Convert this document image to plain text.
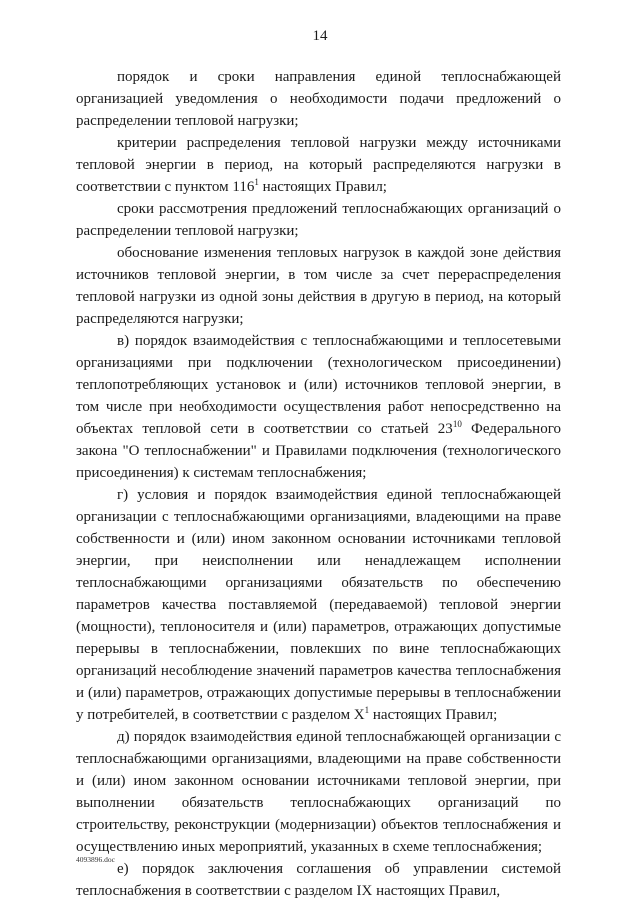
14

порядок и сроки направления единой теплоснабжающей организацией уведомления о необходимости подачи предложений о распределении тепловой нагрузки;

критерии распределения тепловой нагрузки между источниками тепловой энергии в период, на который распределяются нагрузки в соответствии с пунктом $116^1$ настоящих Правил;

сроки рассмотрения предложений теплоснабжающих организаций о распределении тепловой нагрузки;

обоснование изменения тепловых нагрузок в каждой зоне действия источников тепловой энергии, в том числе за счет перераспределения тепловой нагрузки из одной зоны действия в другую в период, на который распределяются нагрузки;

в) порядок взаимодействия с теплоснабжающими и теплосетевыми организациями при подключении (технологическом присоединении) теплопотребляющих установок и (или) источников тепловой энергии, в том числе при необходимости осуществления работ непосредственно на объектах тепловой сети в соответствии со статьей $23^{10}$ Федерального закона "О теплоснабжении" и Правилами подключения (технологического присоединения) к системам теплоснабжения;

г) условия и порядок взаимодействия единой теплоснабжающей организации с теплоснабжающими организациями, владеющими на праве собственности и (или) ином законном основании источниками тепловой энергии, при неисполнении или ненадлежащем исполнении теплоснабжающими организациями обязательств по обеспечению параметров качества поставляемой (передаваемой) тепловой энергии (мощности), теплоносителя и (или) параметров, отражающих допустимые перерывы в теплоснабжении, повлекших по вине теплоснабжающих организаций несоблюдение значений параметров качества теплоснабжения и (или) параметров, отражающих допустимые перерывы в теплоснабжении у потребителей, в соответствии с разделом $X^1$ настоящих Правил;

д) порядок взаимодействия единой теплоснабжающей организации с теплоснабжающими организациями, владеющими на праве собственности и (или) ином законном основании источниками тепловой энергии, при выполнении обязательств теплоснабжающих организаций по строительству, реконструкции (модернизации) объектов теплоснабжения и осуществлению иных мероприятий, указанных в схеме теплоснабжения;

е) порядок заключения соглашения об управлении системой теплоснабжения в соответствии с разделом IX настоящих Правил,

4093896.doc
